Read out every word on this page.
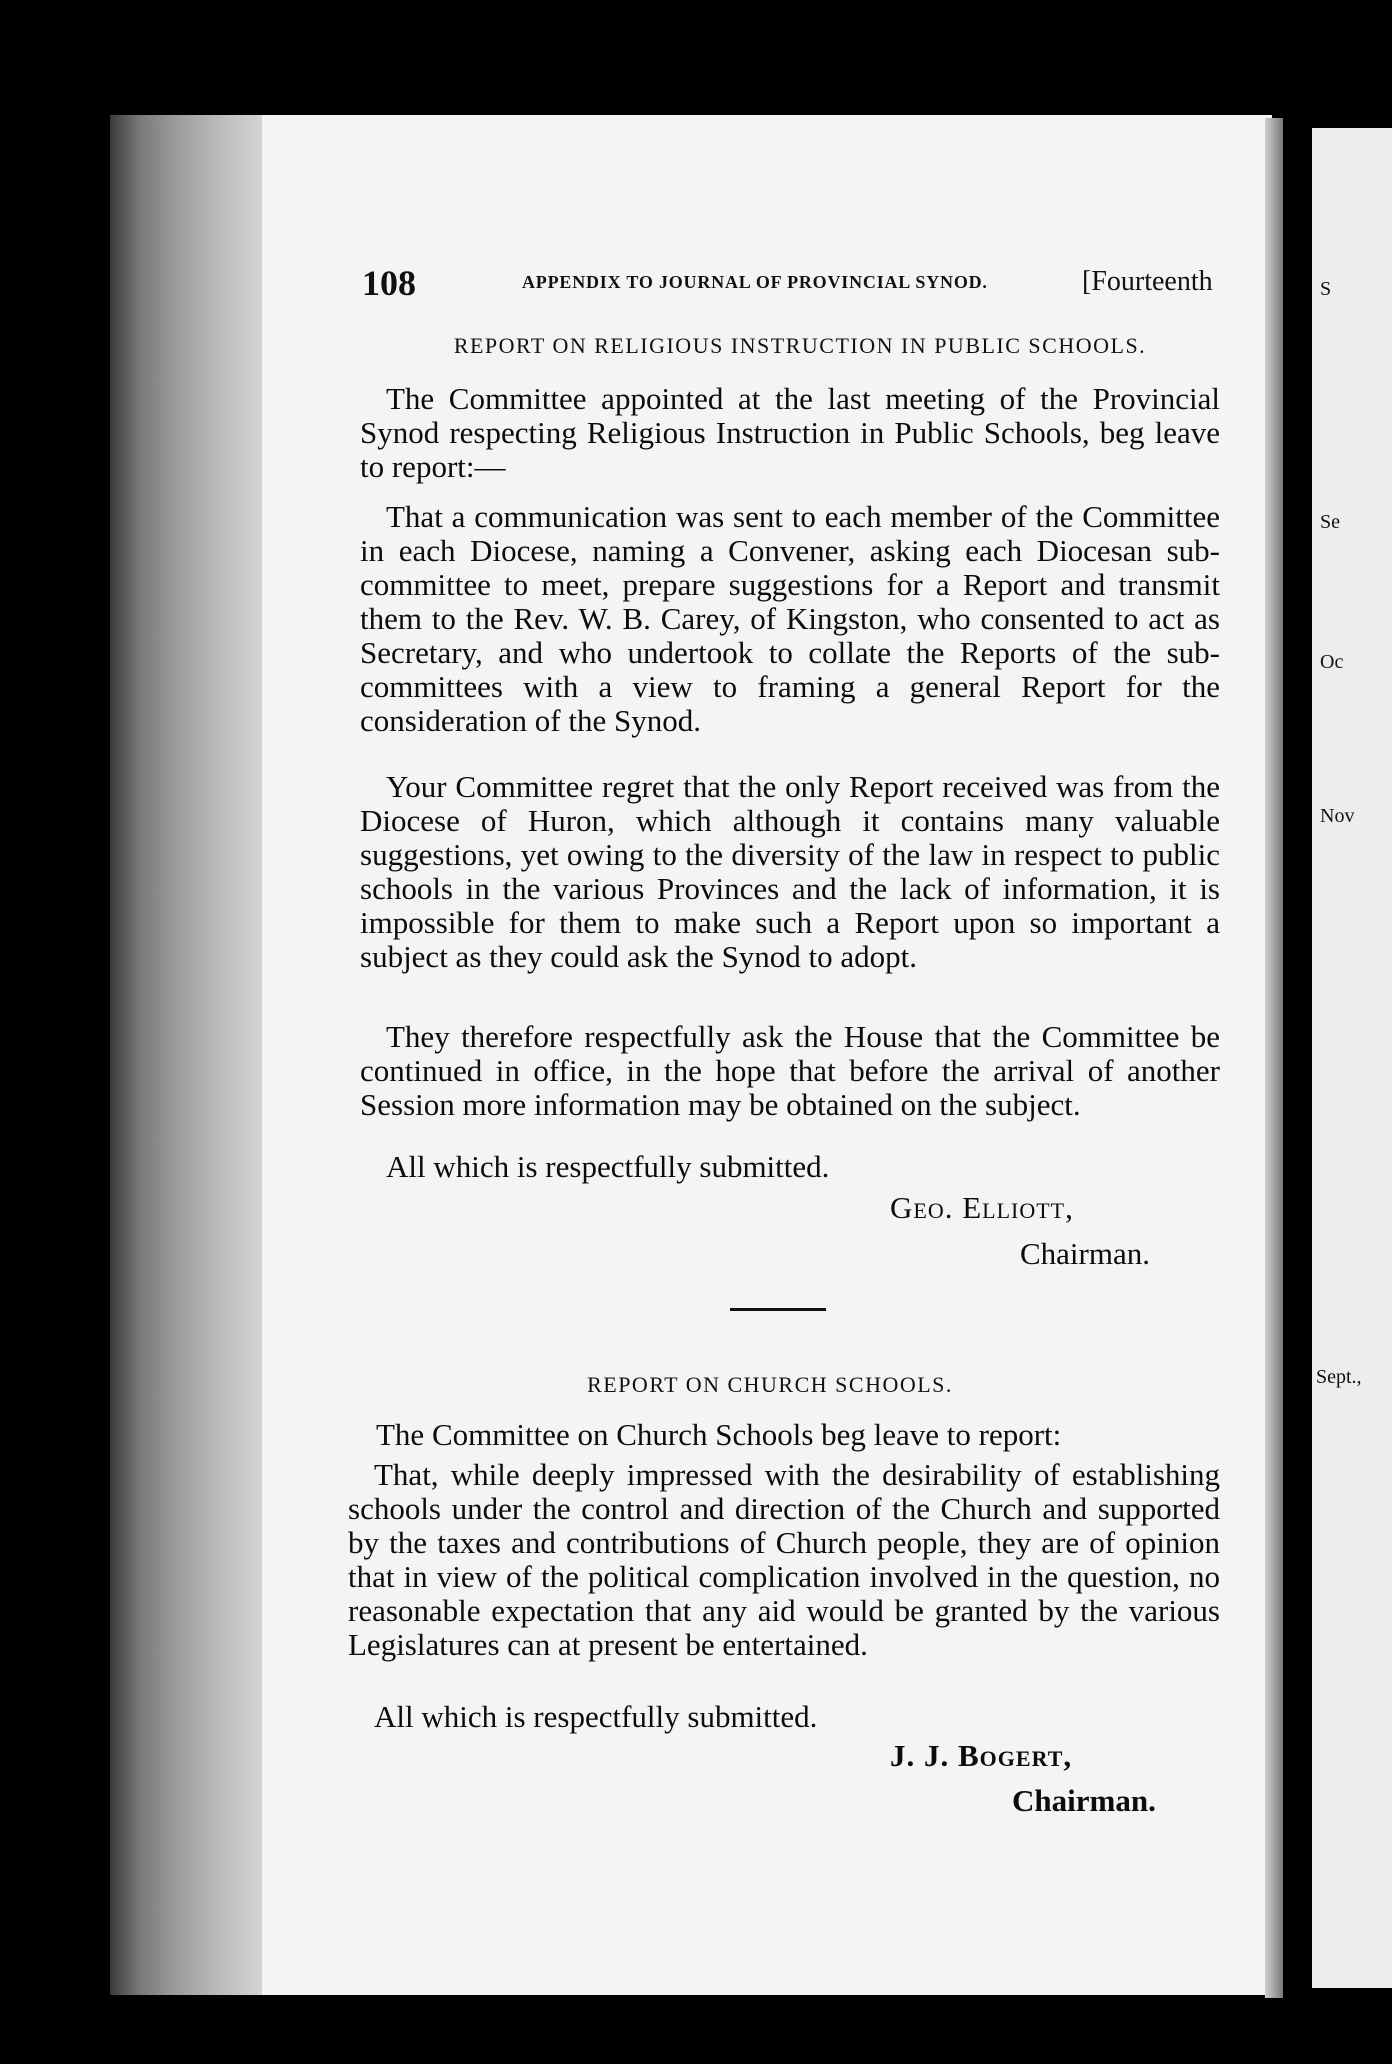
S
Se
Oc
Nov
Sept.,
108	APPENDIX TO JOURNAL OF PROVINCIAL SYNOD.	[Fourteenth
REPORT ON RELIGIOUS INSTRUCTION IN PUBLIC SCHOOLS.

The Committee appointed at the last meeting of the Provincial Synod respecting Religious Instruction in Public Schools, beg leave to report:—

That a communication was sent to each member of the Committee in each Diocese, naming a Convener, asking each Diocesan sub-committee to meet, prepare suggestions for a Report and transmit them to the Rev. W. B. Carey, of Kingston, who consented to act as Secretary, and who undertook to collate the Reports of the sub-committees with a view to framing a general Report for the consideration of the Synod.

Your Committee regret that the only Report received was from the Diocese of Huron, which although it contains many valuable suggestions, yet owing to the diversity of the law in respect to public schools in the various Provinces and the lack of information, it is impossible for them to make such a Report upon so important a subject as they could ask the Synod to adopt.

They therefore respectfully ask the House that the Committee be continued in office, in the hope that before the arrival of another Session more information may be obtained on the subject.

All which is respectfully submitted.

Geo. Elliott,
Chairman.
REPORT ON CHURCH SCHOOLS.

The Committee on Church Schools beg leave to report:

That, while deeply impressed with the desirability of establishing schools under the control and direction of the Church and supported by the taxes and contributions of Church people, they are of opinion that in view of the political complication involved in the question, no reasonable expectation that any aid would be granted by the various Legislatures can at present be entertained.

All which is respectfully submitted.

J. J. Bogert,
Chairman.
